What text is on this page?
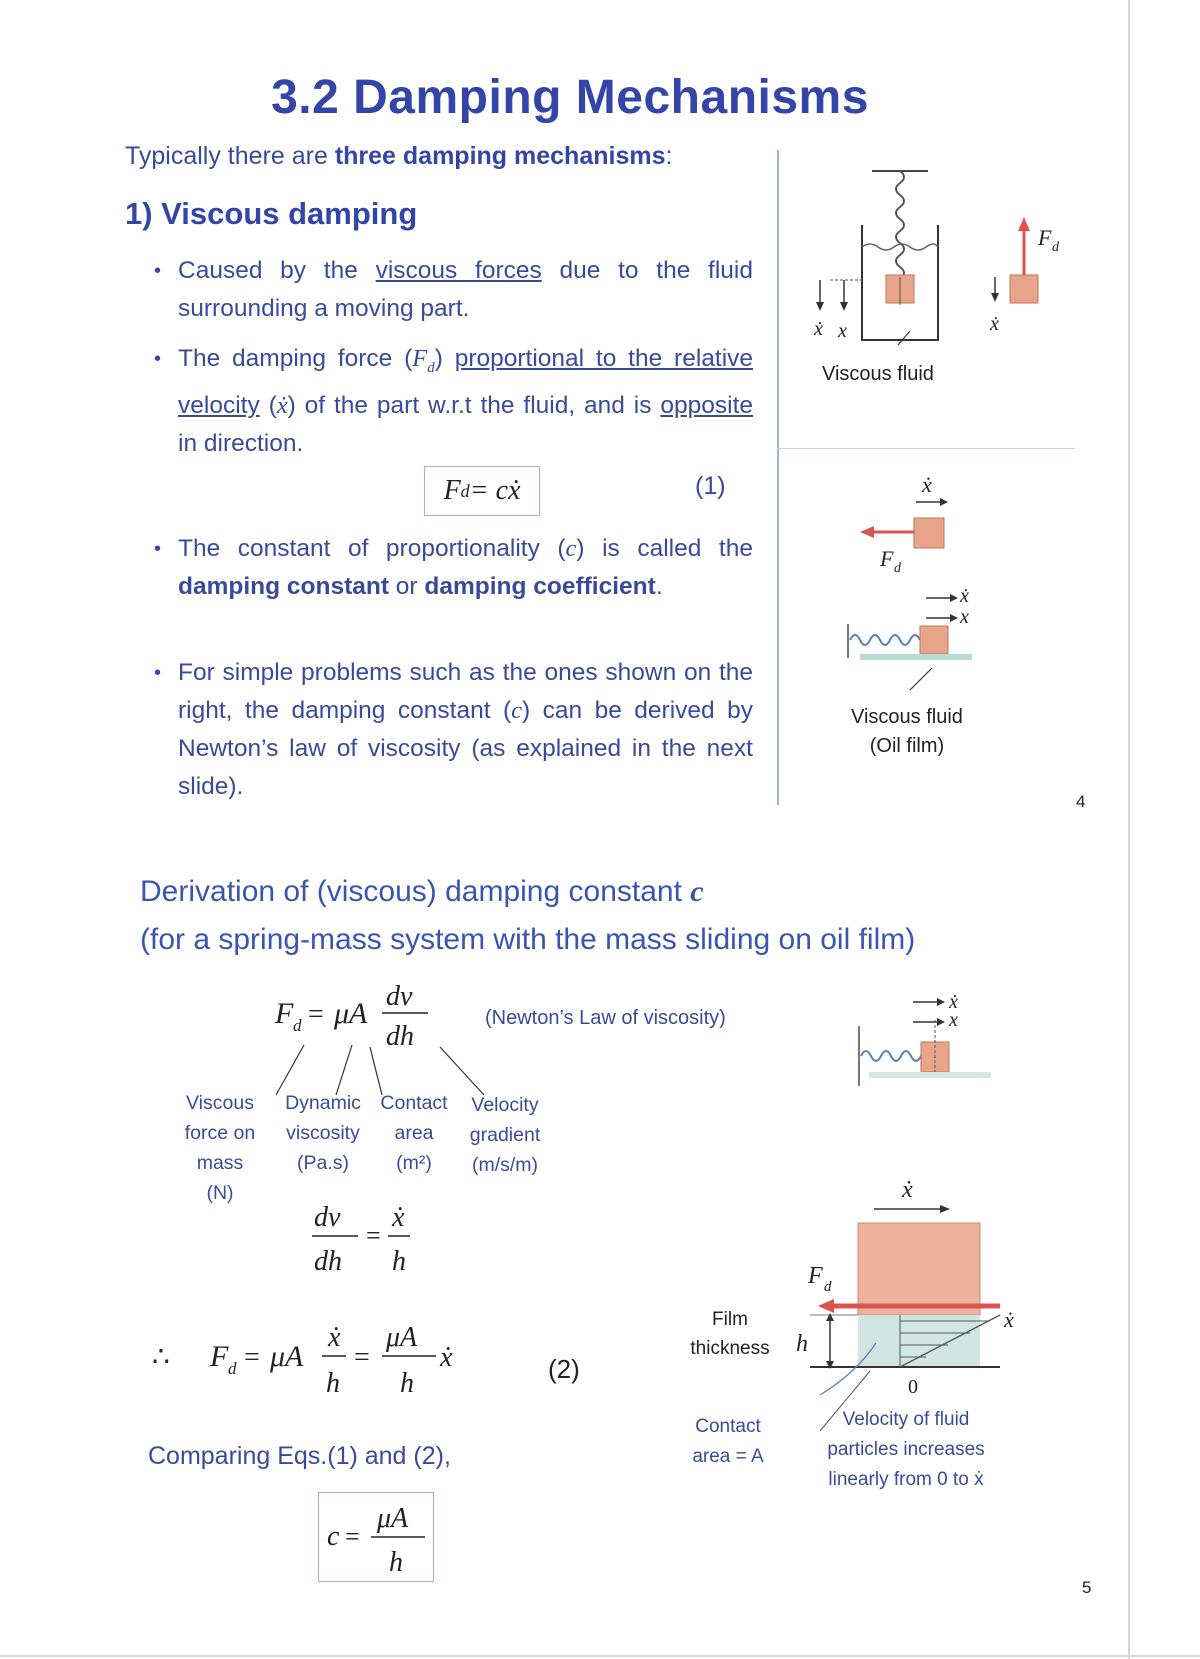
3.2 Damping Mechanisms
Typically there are three damping mechanisms:
1) Viscous damping
• Caused by the viscous forces due to the fluid surrounding a moving part.
• The damping force $(F_d)$ proportional to the relative velocity (ẋ) of the part w.r.t the fluid, and is opposite in direction.
F d = cẋ	(1)
• The constant of proportionality (c) is called the damping constant or damping coefficient.
• For simple problems such as the ones shown on the right, the damping constant (c) can be derived by Newton’s law of viscosity (as explained in the next slide).
ẋ x
F d
ẋ
Viscous fluid
ẋ
F d
ẋ
x
Viscous fluid
(Oil film)
4
Derivation of (viscous) damping constant c
(for a spring-mass system with the mass sliding on oil film)
F d = μA
dv
dh
(Newton’s Law of viscosity)
Viscous
force on
mass
(N)
Dynamic
viscosity
(Pa.s)
Contact
area
(m²)
Velocity
gradient
(m/s/m)
dv
dh
=
ẋ
h
∴ F d = μA
ẋ
h
=
μA
h
ẋ	(2)
Comparing Eqs.(1) and (2),
c =
μA
h
ẋ
x
ẋ
F d
h
ẋ
0
Film
thickness
Contact
area = A
Velocity of fluid
particles increases
linearly from 0 to ẋ
5
